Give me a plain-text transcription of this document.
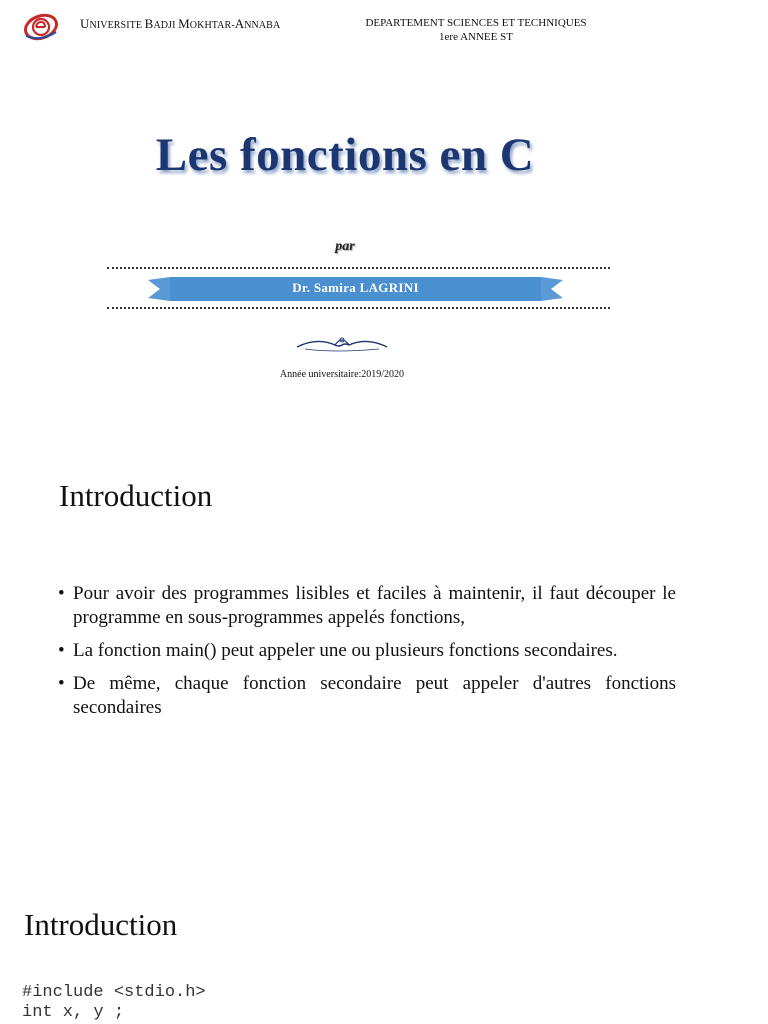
UNIVERSITE BADJI MOKHTAR-ANNABA	DEPARTEMENT SCIENCES ET TECHNIQUES
1ere ANNEE ST
Les fonctions en C
par
Dr. Samira LAGRINI
Année universitaire:2019/2020
Introduction
• Pour avoir des programmes lisibles et faciles à maintenir, il faut découper le programme en sous-programmes appelés fonctions,
• La fonction main() peut appeler une ou plusieurs fonctions secondaires.
• De même, chaque fonction secondaire peut appeler d'autres fonctions secondaires
Introduction
#include <stdio.h>
int x, y ;
